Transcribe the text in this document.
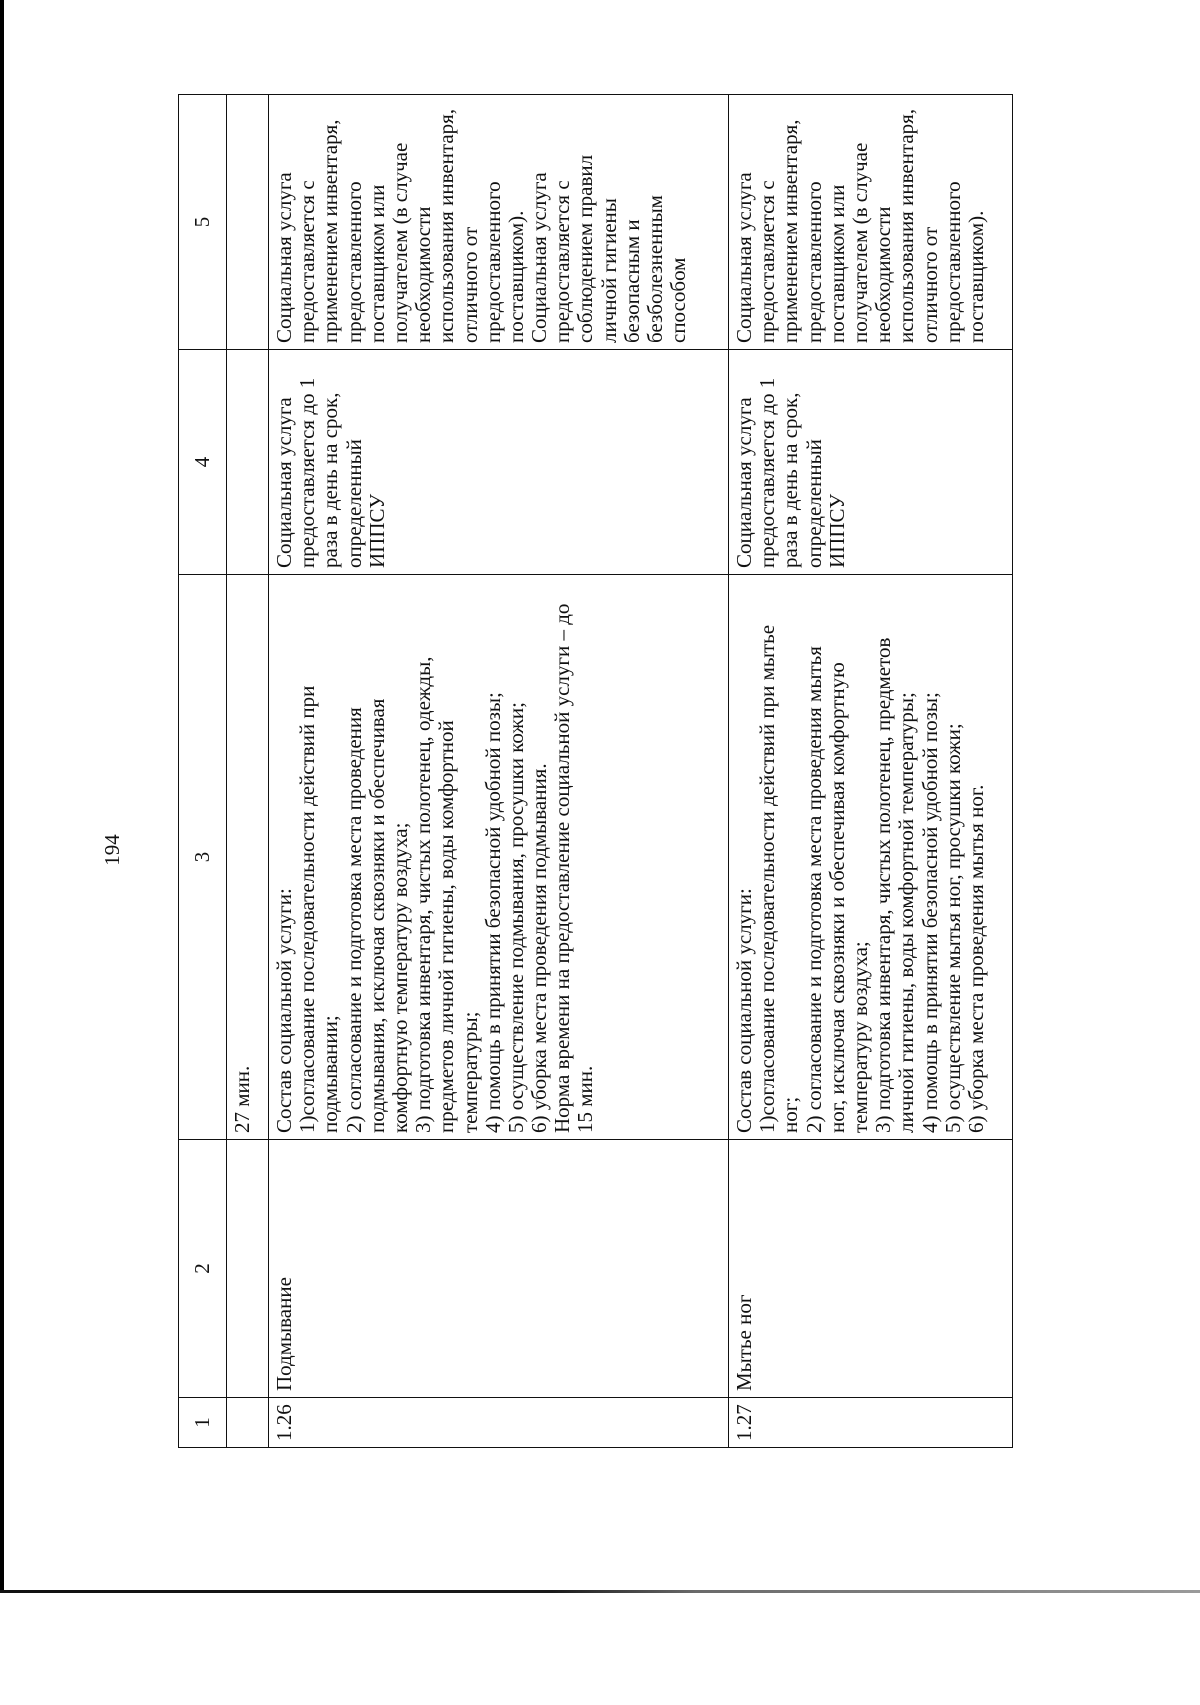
194
1
2
3
4
5
27 мин.
1.26
Подмывание
Состав социальной услуги: 1)согласование последовательности действий при подмывании; 2) согласование и подготовка места проведения подмывания, исключая сквозняки и обеспечивая комфортную температуру воздуха; 3) подготовка инвентаря, чистых полотенец, одежды, предметов личной гигиены, воды комфортной температуры; 4) помощь в принятии безопасной удобной позы; 5) осуществление подмывания, просушки кожи; 6) уборка места проведения подмывания. Норма времени на предоставление социальной услуги – до 15 мин.
Социальная услуга предоставляется до 1 раза в день на срок, определенный ИППСУ
Социальная услуга предоставляется с применением инвентаря, предоставленного поставщиком или получателем (в случае необходимости использования инвентаря, отличного от предоставленного поставщиком). Социальная услуга предоставляется с соблюдением правил личной гигиены безопасным и безболезненным способом
1.27
Мытье ног
Состав социальной услуги: 1)согласование последовательности действий при мытье ног; 2) согласование и подготовка места проведения мытья ног, исключая сквозняки и обеспечивая комфортную температуру воздуха; 3) подготовка инвентаря, чистых полотенец, предметов личной гигиены, воды комфортной температуры; 4) помощь в принятии безопасной удобной позы; 5) осуществление мытья ног, просушки кожи; 6) уборка места проведения мытья ног.
Социальная услуга предоставляется до 1 раза в день на срок, определенный ИППСУ
Социальная услуга предоставляется с применением инвентаря, предоставленного поставщиком или получателем (в случае необходимости использования инвентаря, отличного от предоставленного поставщиком).
